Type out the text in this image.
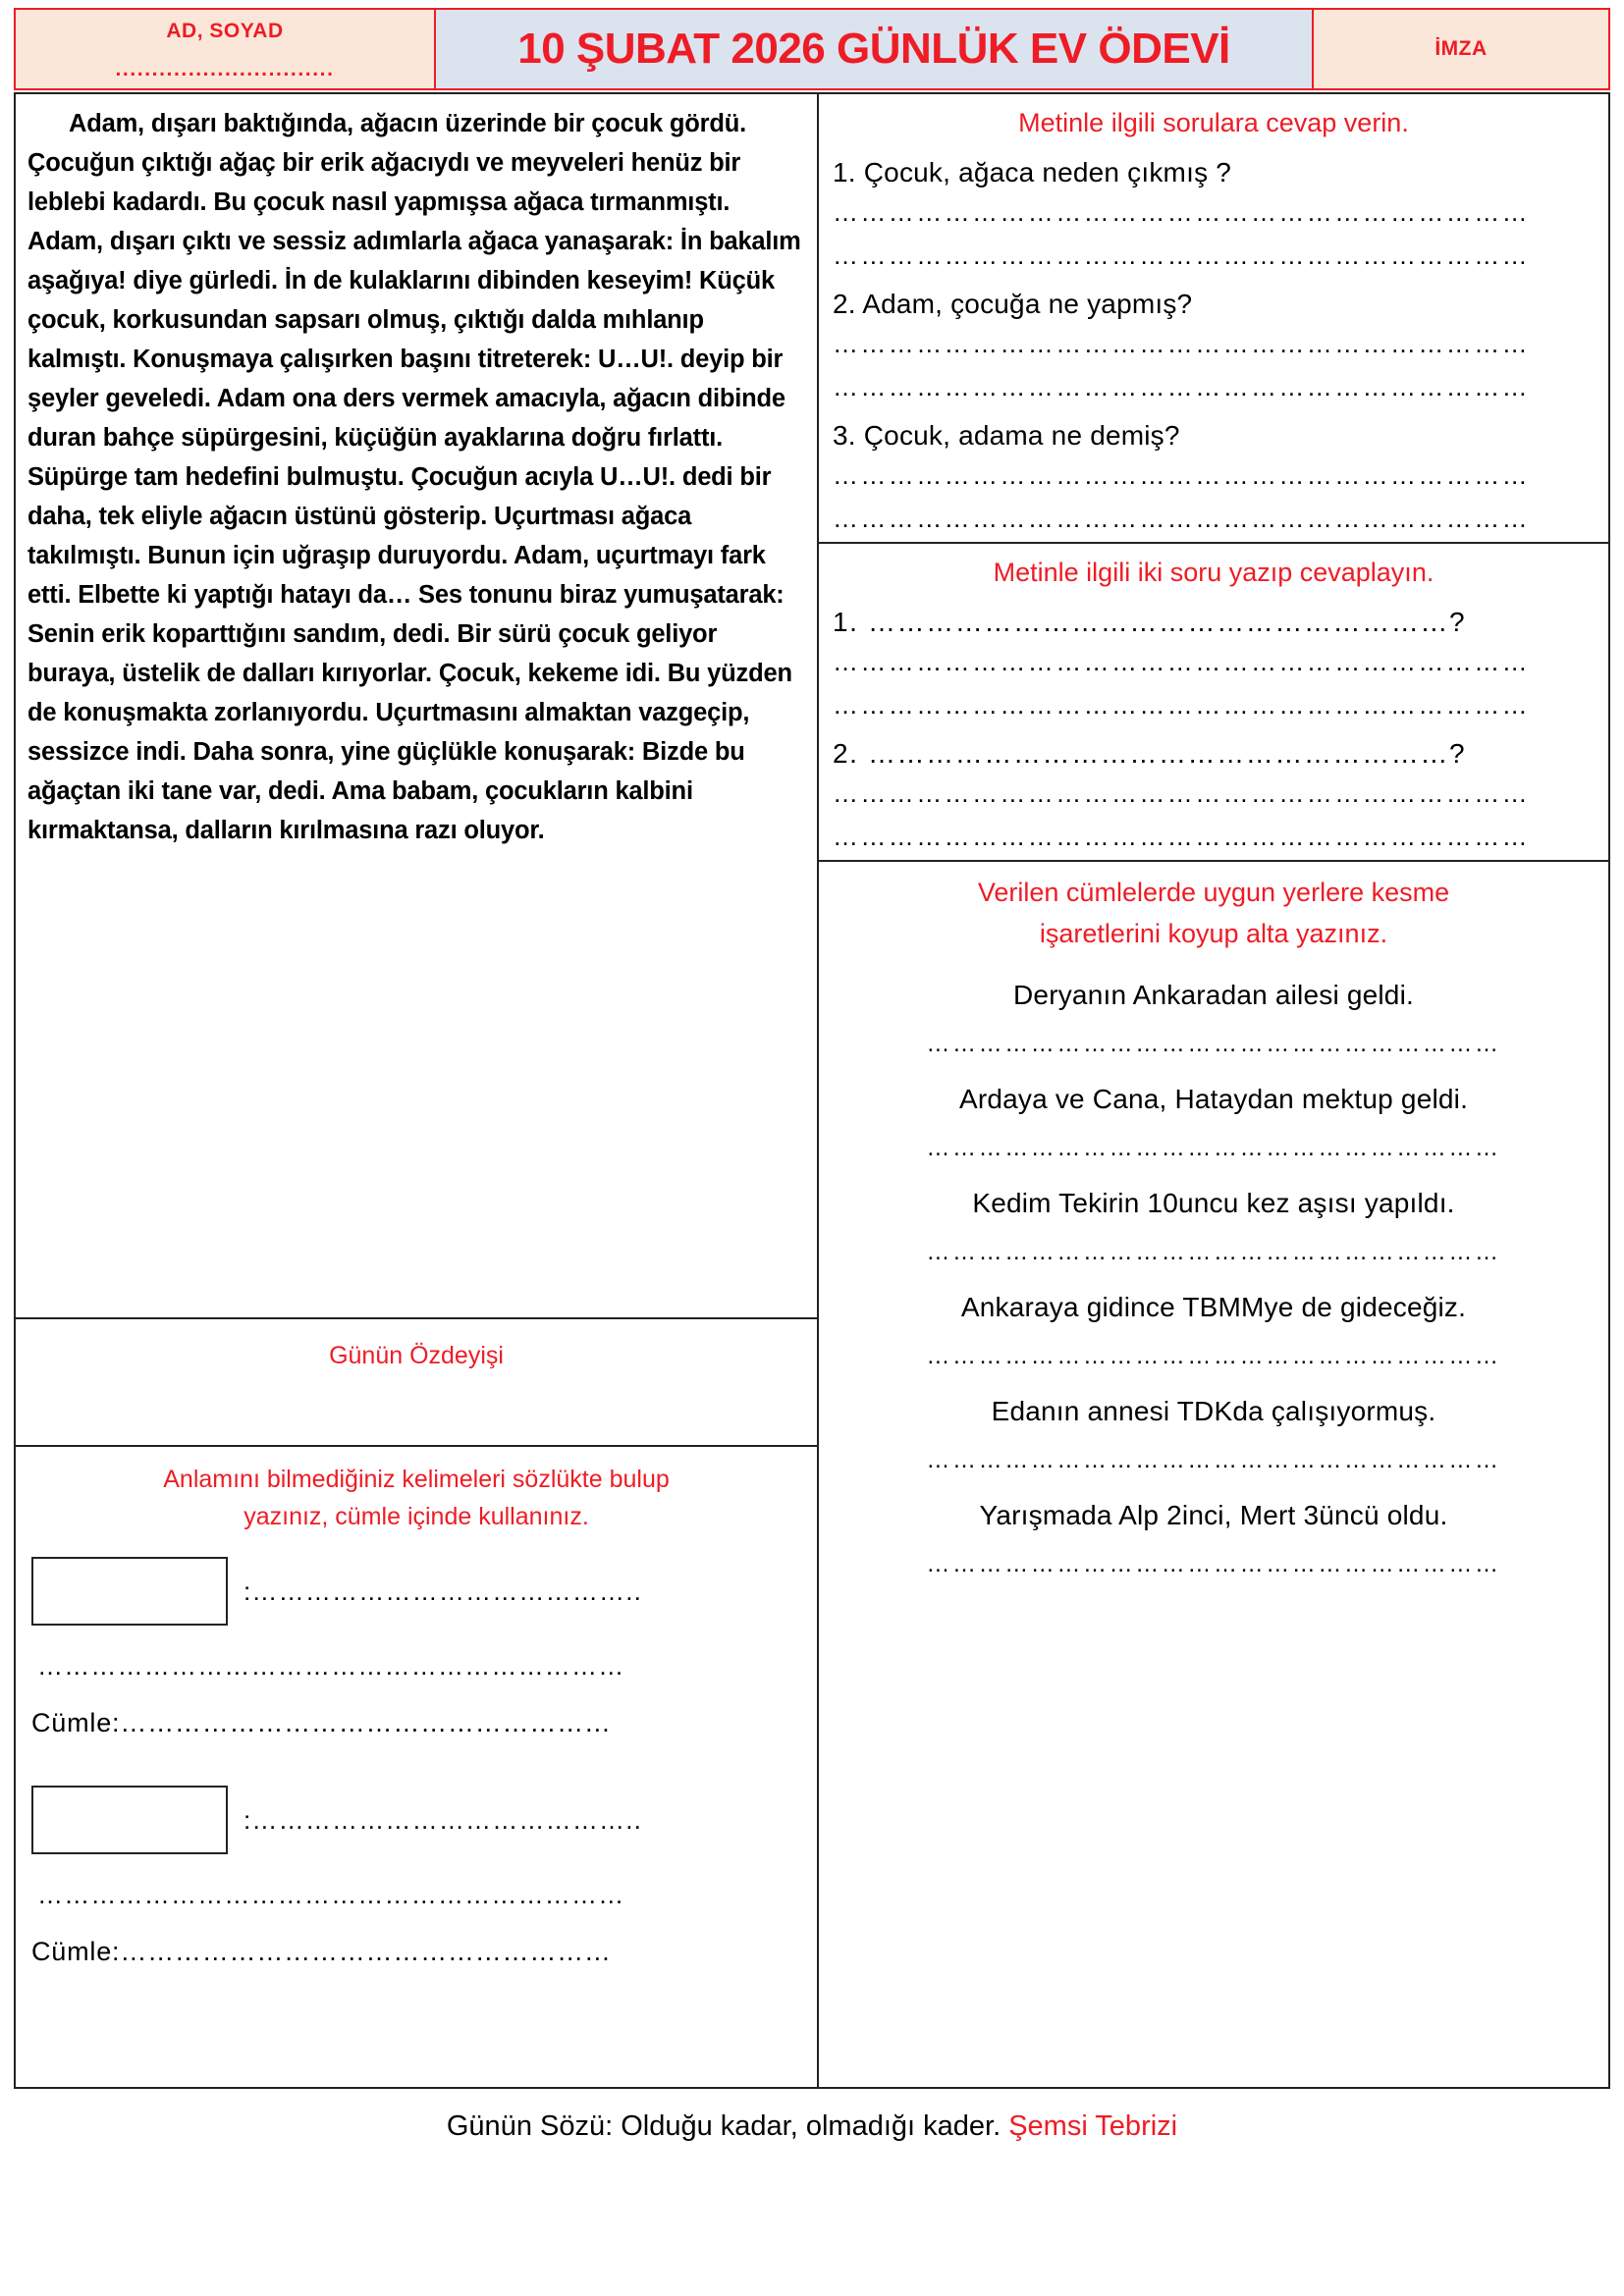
AD, SOYAD
..............................	10 ŞUBAT 2026 GÜNLÜK EV ÖDEVİ	İMZA
Adam, dışarı baktığında, ağacın üzerinde bir çocuk gördü. Çocuğun çıktığı ağaç bir erik ağacıydı ve meyveleri henüz bir leblebi kadardı. Bu çocuk nasıl yapmışsa ağaca tırmanmıştı. Adam, dışarı çıktı ve sessiz adımlarla ağaca yanaşarak: İn bakalım aşağıya! diye gürledi. İn de kulaklarını dibinden keseyim! Küçük çocuk, korkusundan sapsarı olmuş, çıktığı dalda mıhlanıp kalmıştı. Konuşmaya çalışırken başını titreterek: U…U!. deyip bir şeyler geveledi. Adam ona ders vermek amacıyla, ağacın dibinde duran bahçe süpürgesini, küçüğün ayaklarına doğru fırlattı. Süpürge tam hedefini bulmuştu. Çocuğun acıyla U…U!. dedi bir daha, tek eliyle ağacın üstünü gösterip. Uçurtması ağaca takılmıştı. Bunun için uğraşıp duruyordu. Adam, uçurtmayı fark etti. Elbette ki yaptığı hatayı da… Ses tonunu biraz yumuşatarak: Senin erik koparttığını sandım, dedi. Bir sürü çocuk geliyor buraya, üstelik de dalları kırıyorlar. Çocuk, kekeme idi. Bu yüzden de konuşmakta zorlanıyordu. Uçurtmasını almaktan vazgeçip, sessizce indi. Daha sonra, yine güçlükle konuşarak: Bizde bu ağaçtan iki tane var, dedi. Ama babam, çocukların kalbini kırmaktansa, dalların kırılmasına razı oluyor.
Günün Özdeyişi
Anlamını bilmediğiniz kelimeleri sözlükte bulup
yazınız, cümle içinde kullanınız.
:……………………………………..
…………………………………………………………
Cümle:………………………………………………
:……………………………………..
…………………………………………………………
Cümle:………………………………………………
Metinle ilgili sorulara cevap verin.
1. Çocuk, ağaca neden çıkmış ?
…………………………………………………………………
…………………………………………………………………
2. Adam, çocuğa ne yapmış?
…………………………………………………………………
…………………………………………………………………
3. Çocuk, adama ne demiş?
…………………………………………………………………
…………………………………………………………………
Metinle ilgili iki soru yazıp cevaplayın.
1. ……………………………………………………?
…………………………………………………………………
…………………………………………………………………
2. ……………………………………………………?
…………………………………………………………………
…………………………………………………………………
Verilen cümlelerde uygun yerlere kesme
işaretlerini koyup alta yazınız.
Deryanın Ankaradan ailesi geldi.
…………………………………………………………
Ardaya ve Cana, Hataydan mektup geldi.
…………………………………………………………
Kedim Tekirin 10uncu kez aşısı yapıldı.
…………………………………………………………
Ankaraya gidince TBMMye de gideceğiz.
…………………………………………………………
Edanın annesi TDKda çalışıyormuş.
…………………………………………………………
Yarışmada Alp 2inci, Mert 3üncü oldu.
…………………………………………………………
Günün Sözü: Olduğu kadar, olmadığı kader. Şemsi Tebrizi
